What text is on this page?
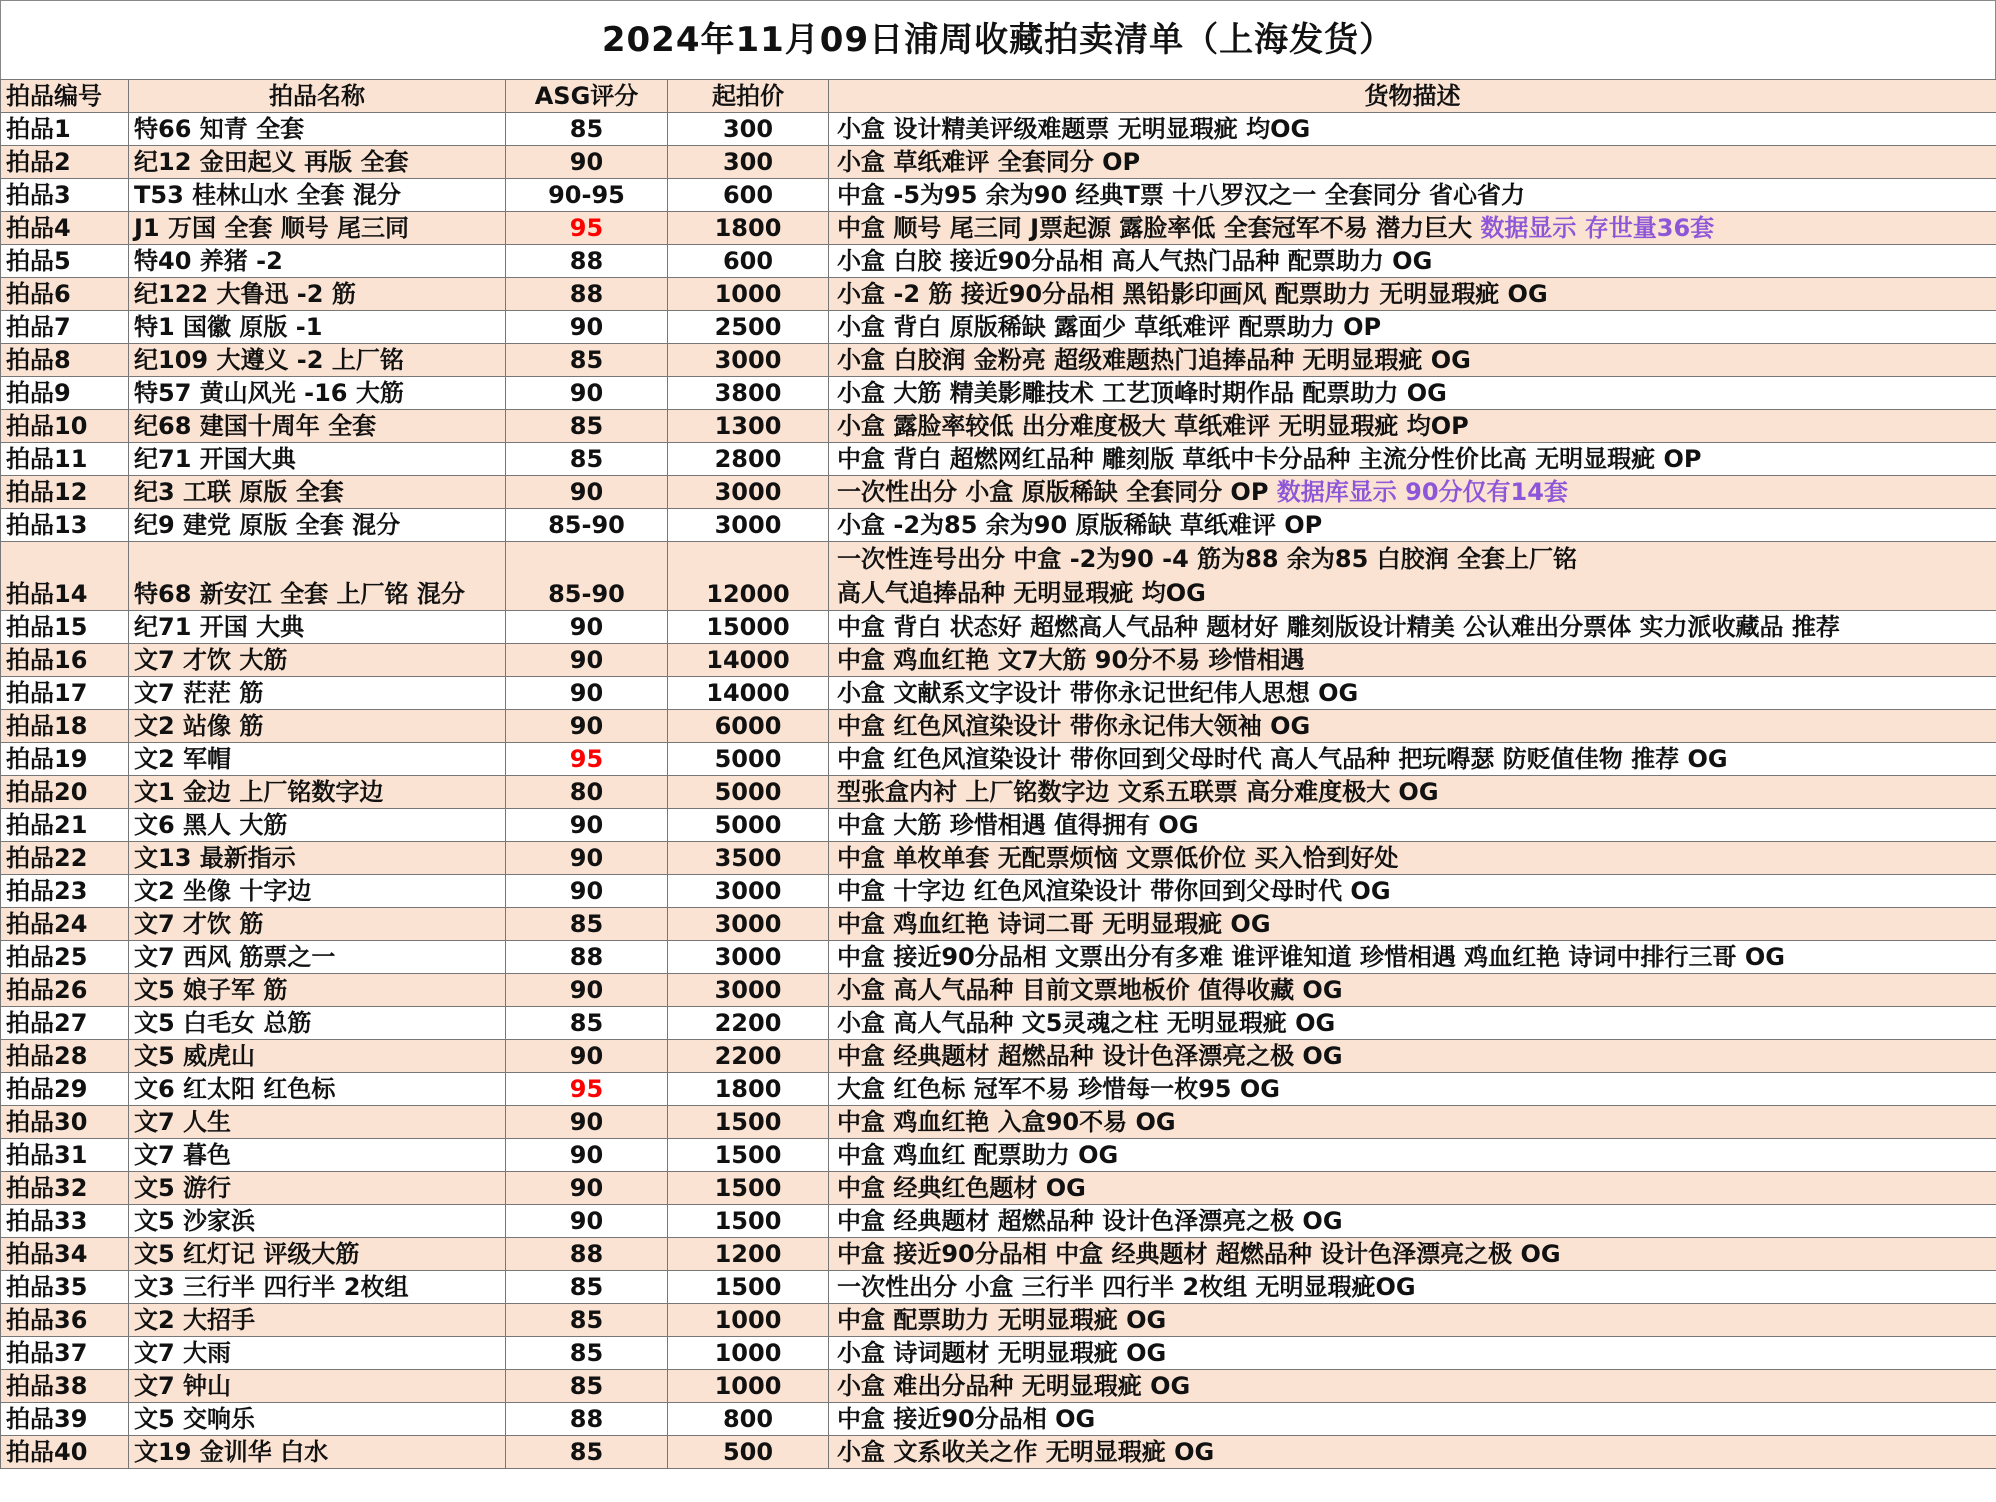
2024年11月09日浦周收藏拍卖清单（上海发货）
拍品编号	拍品名称	ASG评分	起拍价	货物描述
拍品1	特66 知青 全套	85	300	小盒 设计精美评级难题票 无明显瑕疵 均OG
拍品2	纪12 金田起义 再版 全套	90	300	小盒 草纸难评 全套同分 OP
拍品3	T53 桂林山水 全套 混分	90-95	600	中盒 -5为95 余为90 经典T票 十八罗汉之一 全套同分 省心省力
拍品4	J1 万国 全套 顺号 尾三同	95	1800	中盒 顺号 尾三同 J票起源 露脸率低 全套冠军不易 潜力巨大 数据显示 存世量36套
拍品5	特40 养猪 -2	88	600	小盒 白胶 接近90分品相 高人气热门品种 配票助力 OG
拍品6	纪122 大鲁迅 -2 筋	88	1000	小盒 -2 筋 接近90分品相 黑铅影印画风 配票助力 无明显瑕疵 OG
拍品7	特1 国徽 原版 -1	90	2500	小盒 背白 原版稀缺 露面少 草纸难评 配票助力 OP
拍品8	纪109 大遵义 -2 上厂铭	85	3000	小盒 白胶润 金粉亮 超级难题热门追捧品种 无明显瑕疵 OG
拍品9	特57 黄山风光 -16 大筋	90	3800	小盒 大筋 精美影雕技术 工艺顶峰时期作品 配票助力 OG
拍品10	纪68 建国十周年 全套	85	1300	小盒 露脸率较低 出分难度极大 草纸难评 无明显瑕疵 均OP
拍品11	纪71 开国大典	85	2800	中盒 背白 超燃网红品种 雕刻版 草纸中卡分品种 主流分性价比高 无明显瑕疵 OP
拍品12	纪3 工联 原版 全套	90	3000	一次性出分 小盒 原版稀缺 全套同分 OP 数据库显示 90分仅有14套
拍品13	纪9 建党 原版 全套 混分	85-90	3000	小盒 -2为85 余为90 原版稀缺 草纸难评 OP
拍品14	特68 新安江 全套 上厂铭 混分	85-90	12000	一次性连号出分 中盒 -2为90 -4 筋为88 余为85 白胶润 全套上厂铭
高人气追捧品种 无明显瑕疵 均OG
拍品15	纪71 开国 大典	90	15000	中盒 背白 状态好 超燃高人气品种 题材好 雕刻版设计精美 公认难出分票体 实力派收藏品 推荐
拍品16	文7 才饮 大筋	90	14000	中盒 鸡血红艳 文7大筋 90分不易 珍惜相遇
拍品17	文7 茫茫 筋	90	14000	小盒 文献系文字设计 带你永记世纪伟人思想 OG
拍品18	文2 站像 筋	90	6000	中盒 红色风渲染设计 带你永记伟大领袖 OG
拍品19	文2 军帽	95	5000	中盒 红色风渲染设计 带你回到父母时代 高人气品种 把玩嘚瑟 防贬值佳物 推荐 OG
拍品20	文1 金边 上厂铭数字边	80	5000	型张盒内衬 上厂铭数字边 文系五联票 高分难度极大 OG
拍品21	文6 黑人 大筋	90	5000	中盒 大筋 珍惜相遇 值得拥有 OG
拍品22	文13 最新指示	90	3500	中盒 单枚单套 无配票烦恼 文票低价位 买入恰到好处
拍品23	文2 坐像 十字边	90	3000	中盒 十字边 红色风渲染设计 带你回到父母时代 OG
拍品24	文7 才饮 筋	85	3000	中盒 鸡血红艳 诗词二哥 无明显瑕疵 OG
拍品25	文7 西风 筋票之一	88	3000	中盒 接近90分品相 文票出分有多难 谁评谁知道 珍惜相遇 鸡血红艳 诗词中排行三哥 OG
拍品26	文5 娘子军 筋	90	3000	小盒 高人气品种 目前文票地板价 值得收藏 OG
拍品27	文5 白毛女 总筋	85	2200	小盒 高人气品种 文5灵魂之柱 无明显瑕疵 OG
拍品28	文5 威虎山	90	2200	中盒 经典题材 超燃品种 设计色泽漂亮之极 OG
拍品29	文6 红太阳 红色标	95	1800	大盒 红色标 冠军不易 珍惜每一枚95 OG
拍品30	文7 人生	90	1500	中盒 鸡血红艳 入盒90不易 OG
拍品31	文7 暮色	90	1500	中盒 鸡血红 配票助力 OG
拍品32	文5 游行	90	1500	中盒 经典红色题材 OG
拍品33	文5 沙家浜	90	1500	中盒 经典题材 超燃品种 设计色泽漂亮之极 OG
拍品34	文5 红灯记 评级大筋	88	1200	中盒 接近90分品相 中盒 经典题材 超燃品种 设计色泽漂亮之极 OG
拍品35	文3 三行半 四行半 2枚组	85	1500	一次性出分 小盒 三行半 四行半 2枚组 无明显瑕疵OG
拍品36	文2 大招手	85	1000	中盒 配票助力 无明显瑕疵 OG
拍品37	文7 大雨	85	1000	小盒 诗词题材 无明显瑕疵 OG
拍品38	文7 钟山	85	1000	小盒 难出分品种 无明显瑕疵 OG
拍品39	文5 交响乐	88	800	中盒 接近90分品相 OG
拍品40	文19 金训华 白水	85	500	小盒 文系收关之作 无明显瑕疵 OG
